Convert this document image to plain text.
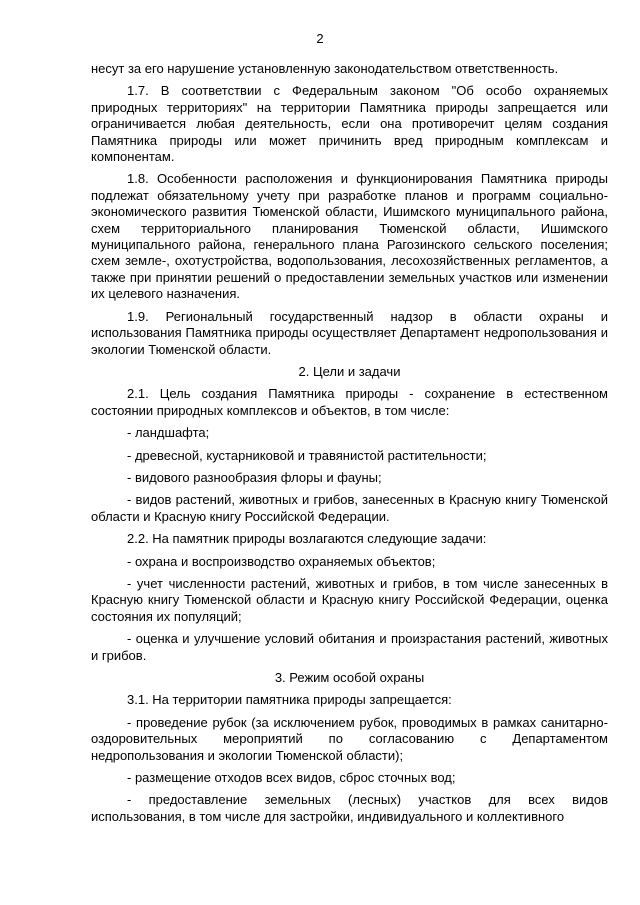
2

несут за его нарушение установленную законодательством ответственность.

1.7. В соответствии с Федеральным законом "Об особо охраняемых природных территориях" на территории Памятника природы запрещается или ограничивается любая деятельность, если она противоречит целям создания Памятника природы или может причинить вред природным комплексам и компонентам.

1.8. Особенности расположения и функционирования Памятника природы подлежат обязательному учету при разработке планов и программ социально-экономического развития Тюменской области, Ишимского муниципального района, схем территориального планирования Тюменской области, Ишимского муниципального района, генерального плана Рагозинского сельского поселения; схем земле-, охотустройства, водопользования, лесохозяйственных регламентов, а также при принятии решений о предоставлении земельных участков или изменении их целевого назначения.

1.9. Региональный государственный надзор в области охраны и использования Памятника природы осуществляет Департамент недропользования и экологии Тюменской области.

2. Цели и задачи

2.1. Цель создания Памятника природы - сохранение в естественном состоянии природных комплексов и объектов, в том числе:

- ландшафта;

- древесной, кустарниковой и травянистой растительности;

- видового разнообразия флоры и фауны;

- видов растений, животных и грибов, занесенных в Красную книгу Тюменской области и Красную книгу Российской Федерации.

2.2. На памятник природы возлагаются следующие задачи:

- охрана и воспроизводство охраняемых объектов;

- учет численности растений, животных и грибов, в том числе занесенных в Красную книгу Тюменской области и Красную книгу Российской Федерации, оценка состояния их популяций;

- оценка и улучшение условий обитания и произрастания растений, животных и грибов.

3. Режим особой охраны

3.1. На территории памятника природы запрещается:

- проведение рубок (за исключением рубок, проводимых в рамках санитарно-оздоровительных мероприятий по согласованию с Департаментом недропользования и экологии Тюменской области);

- размещение отходов всех видов, сброс сточных вод;

- предоставление земельных (лесных) участков для всех видов использования, в том числе для застройки, индивидуального и коллективного
